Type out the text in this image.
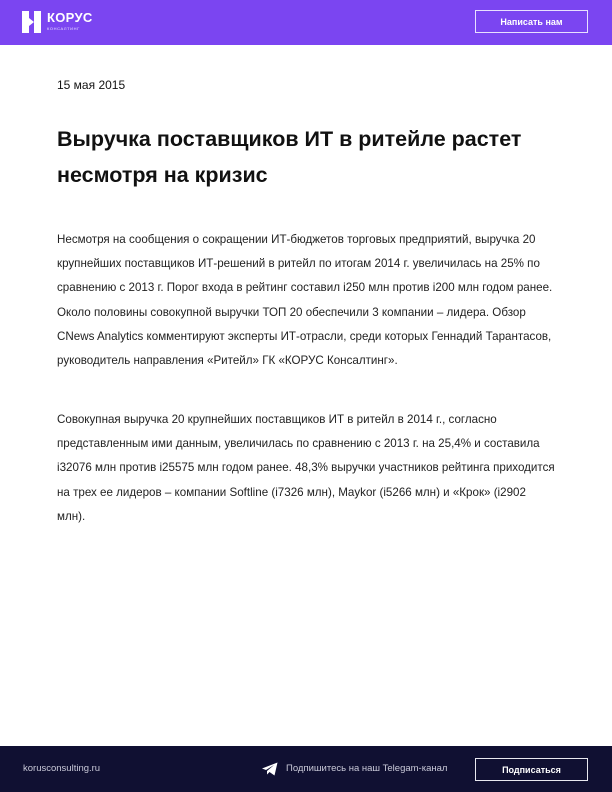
КОРУС
КОНСАЛТИНГ
Написать нам
15 мая 2015
Выручка поставщиков ИТ в ритейле растет несмотря на кризис

Несмотря на сообщения о сокращении ИТ-бюджетов торговых предприятий, выручка 20 крупнейших поставщиков ИТ-решений в ритейл по итогам 2014 г. увеличилась на 25% по сравнению с 2013 г. Порог входа в рейтинг составил і250 млн против і200 млн годом ранее. Около половины совокупной выручки ТОП 20 обеспечили 3 компании – лидера. Обзор CNews Analytics комментируют эксперты ИТ-отрасли, среди которых Геннадий Тарантасов, руководитель направления «Ритейл» ГК «КОРУС Консалтинг».

Совокупная выручка 20 крупнейших поставщиков ИТ в ритейл в 2014 г., согласно представленным ими данным, увеличилась по сравнению с 2013 г. на 25,4% и составила і32076 млн против і25575 млн годом ранее. 48,3% выручки участников рейтинга приходится на трех ее лидеров – компании Softline (і7326 млн), Maykor (і5266 млн) и «Крок» (і2902 млн).

korusconsulting.ru	Подпишитесь на наш Telegam-канал	Подписаться
